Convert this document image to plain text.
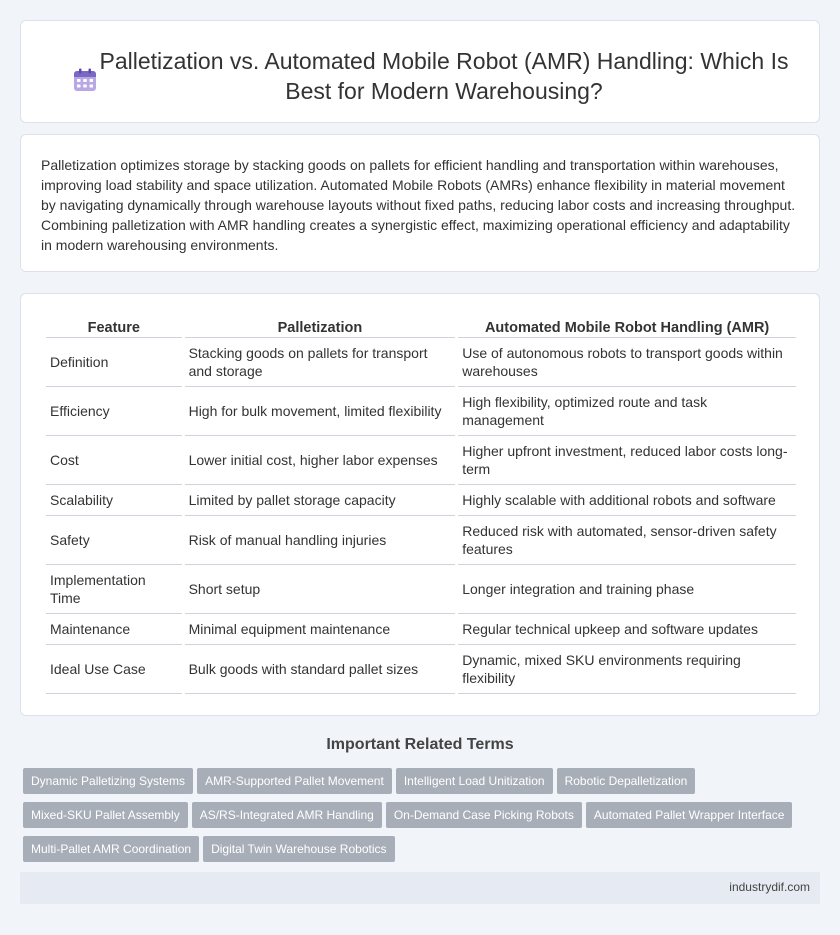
Palletization vs. Automated Mobile Robot (AMR) Handling: Which Is Best for Modern Warehousing?

Palletization optimizes storage by stacking goods on pallets for efficient handling and transportation within warehouses, improving load stability and space utilization. Automated Mobile Robots (AMRs) enhance flexibility in material movement by navigating dynamically through warehouse layouts without fixed paths, reducing labor costs and increasing throughput. Combining palletization with AMR handling creates a synergistic effect, maximizing operational efficiency and adaptability in modern warehousing environments.

Feature	Palletization	Automated Mobile Robot Handling (AMR)
Definition	Stacking goods on pallets for transport and storage	Use of autonomous robots to transport goods within warehouses
Efficiency	High for bulk movement, limited flexibility	High flexibility, optimized route and task management
Cost	Lower initial cost, higher labor expenses	Higher upfront investment, reduced labor costs long-term
Scalability	Limited by pallet storage capacity	Highly scalable with additional robots and software
Safety	Risk of manual handling injuries	Reduced risk with automated, sensor-driven safety features
Implementation Time	Short setup	Longer integration and training phase
Maintenance	Minimal equipment maintenance	Regular technical upkeep and software updates
Ideal Use Case	Bulk goods with standard pallet sizes	Dynamic, mixed SKU environments requiring flexibility
Important Related Terms
Dynamic Palletizing Systems AMR-Supported Pallet Movement Intelligent Load Unitization Robotic Depalletization
Mixed-SKU Pallet Assembly AS/RS-Integrated AMR Handling On-Demand Case Picking Robots Automated Pallet Wrapper Interface
Multi-Pallet AMR Coordination Digital Twin Warehouse Robotics
industrydif.com
